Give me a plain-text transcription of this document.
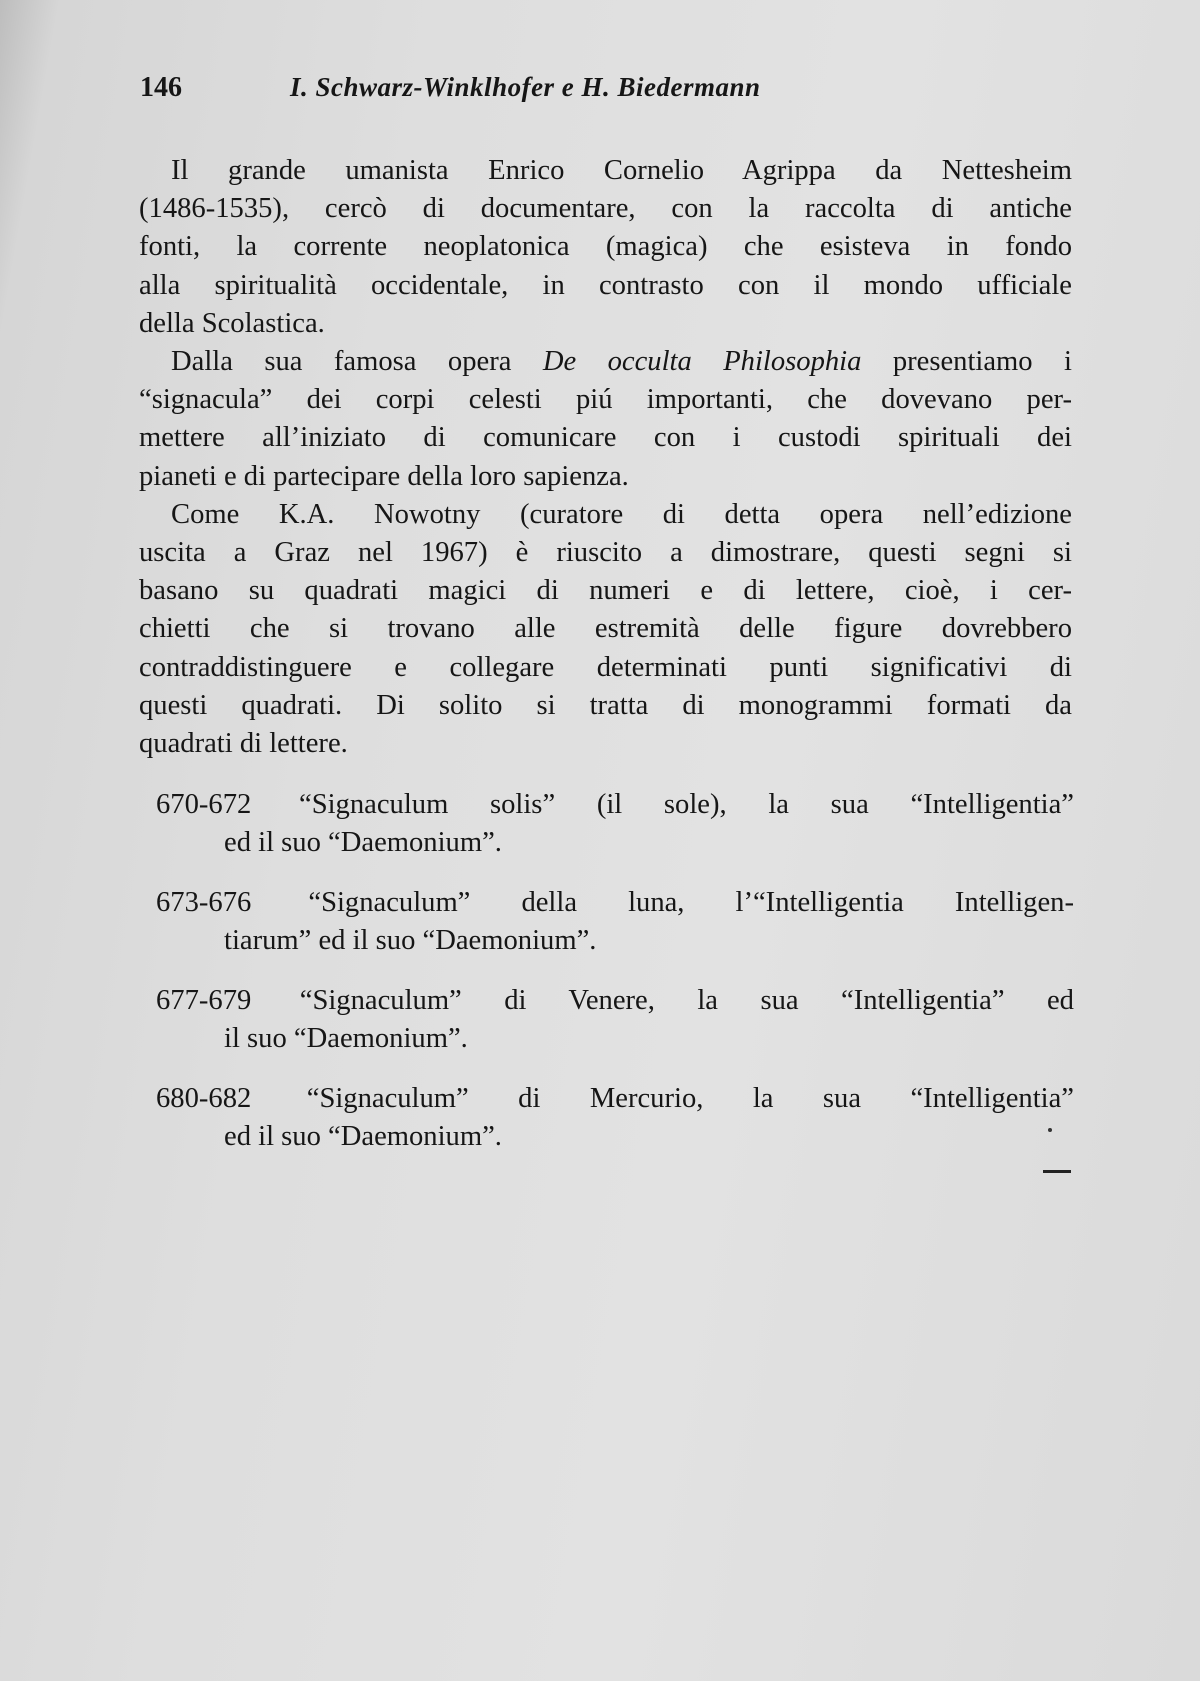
146	I. Schwarz-Winklhofer e H. Biedermann

Il grande umanista Enrico Cornelio Agrippa da Nettesheim
(1486-1535), cercò di documentare, con la raccolta di antiche
fonti, la corrente neoplatonica (magica) che esisteva in fondo
alla spiritualità occidentale, in contrasto con il mondo ufficiale
della Scolastica.

Dalla sua famosa opera De occulta Philosophia presentiamo i
“signacula” dei corpi celesti piú importanti, che dovevano per-
mettere all’iniziato di comunicare con i custodi spirituali dei
pianeti e di partecipare della loro sapienza.

Come K.A. Nowotny (curatore di detta opera nell’edizione
uscita a Graz nel 1967) è riuscito a dimostrare, questi segni si
basano su quadrati magici di numeri e di lettere, cioè, i cer-
chietti che si trovano alle estremità delle figure dovrebbero
contraddistinguere e collegare determinati punti significativi di
questi quadrati. Di solito si tratta di monogrammi formati da
quadrati di lettere.

670-672 “Signaculum solis” (il sole), la sua “Intelligentia”
ed il suo “Daemonium”.
673-676 “Signaculum” della luna, l’“Intelligentia Intelligen-
tiarum” ed il suo “Daemonium”.
677-679 “Signaculum” di Venere, la sua “Intelligentia” ed
il suo “Daemonium”.
680-682 “Signaculum” di Mercurio, la sua “Intelligentia”
ed il suo “Daemonium”.
